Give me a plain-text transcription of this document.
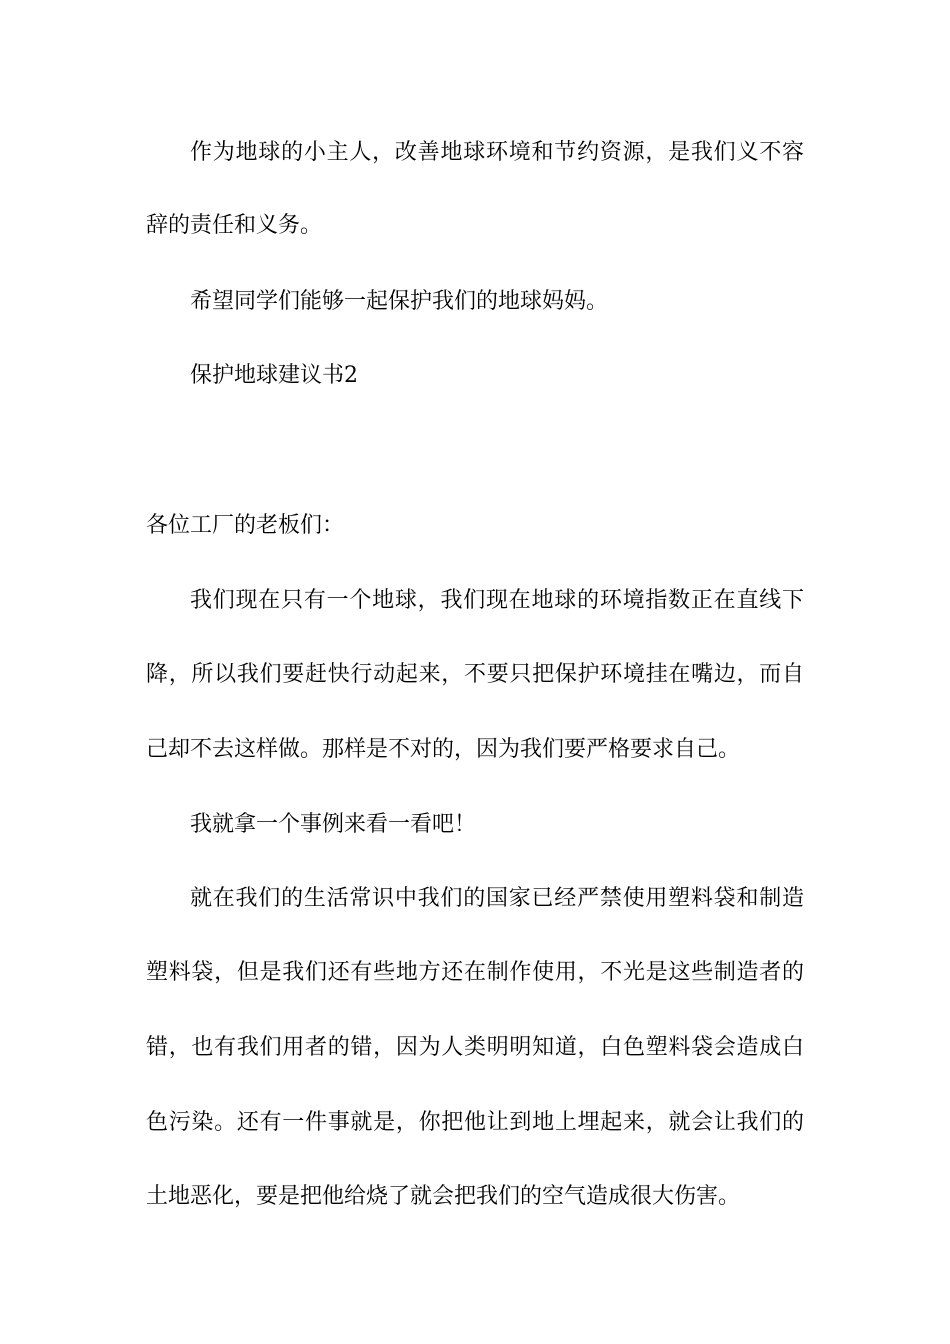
作为地球的小主人，改善地球环境和节约资源，是我们义不容

辞的责任和义务。

希望同学们能够一起保护我们的地球妈妈。

保护地球建议书2

各位工厂的老板们：

我们现在只有一个地球，我们现在地球的环境指数正在直线下

降，所以我们要赶快行动起来，不要只把保护环境挂在嘴边，而自

己却不去这样做。那样是不对的，因为我们要严格要求自己。

我就拿一个事例来看一看吧！

就在我们的生活常识中我们的国家已经严禁使用塑料袋和制造

塑料袋，但是我们还有些地方还在制作使用，不光是这些制造者的

错，也有我们用者的错，因为人类明明知道，白色塑料袋会造成白

色污染。还有一件事就是，你把他让到地上埋起来，就会让我们的

土地恶化，要是把他给烧了就会把我们的空气造成很大伤害。
